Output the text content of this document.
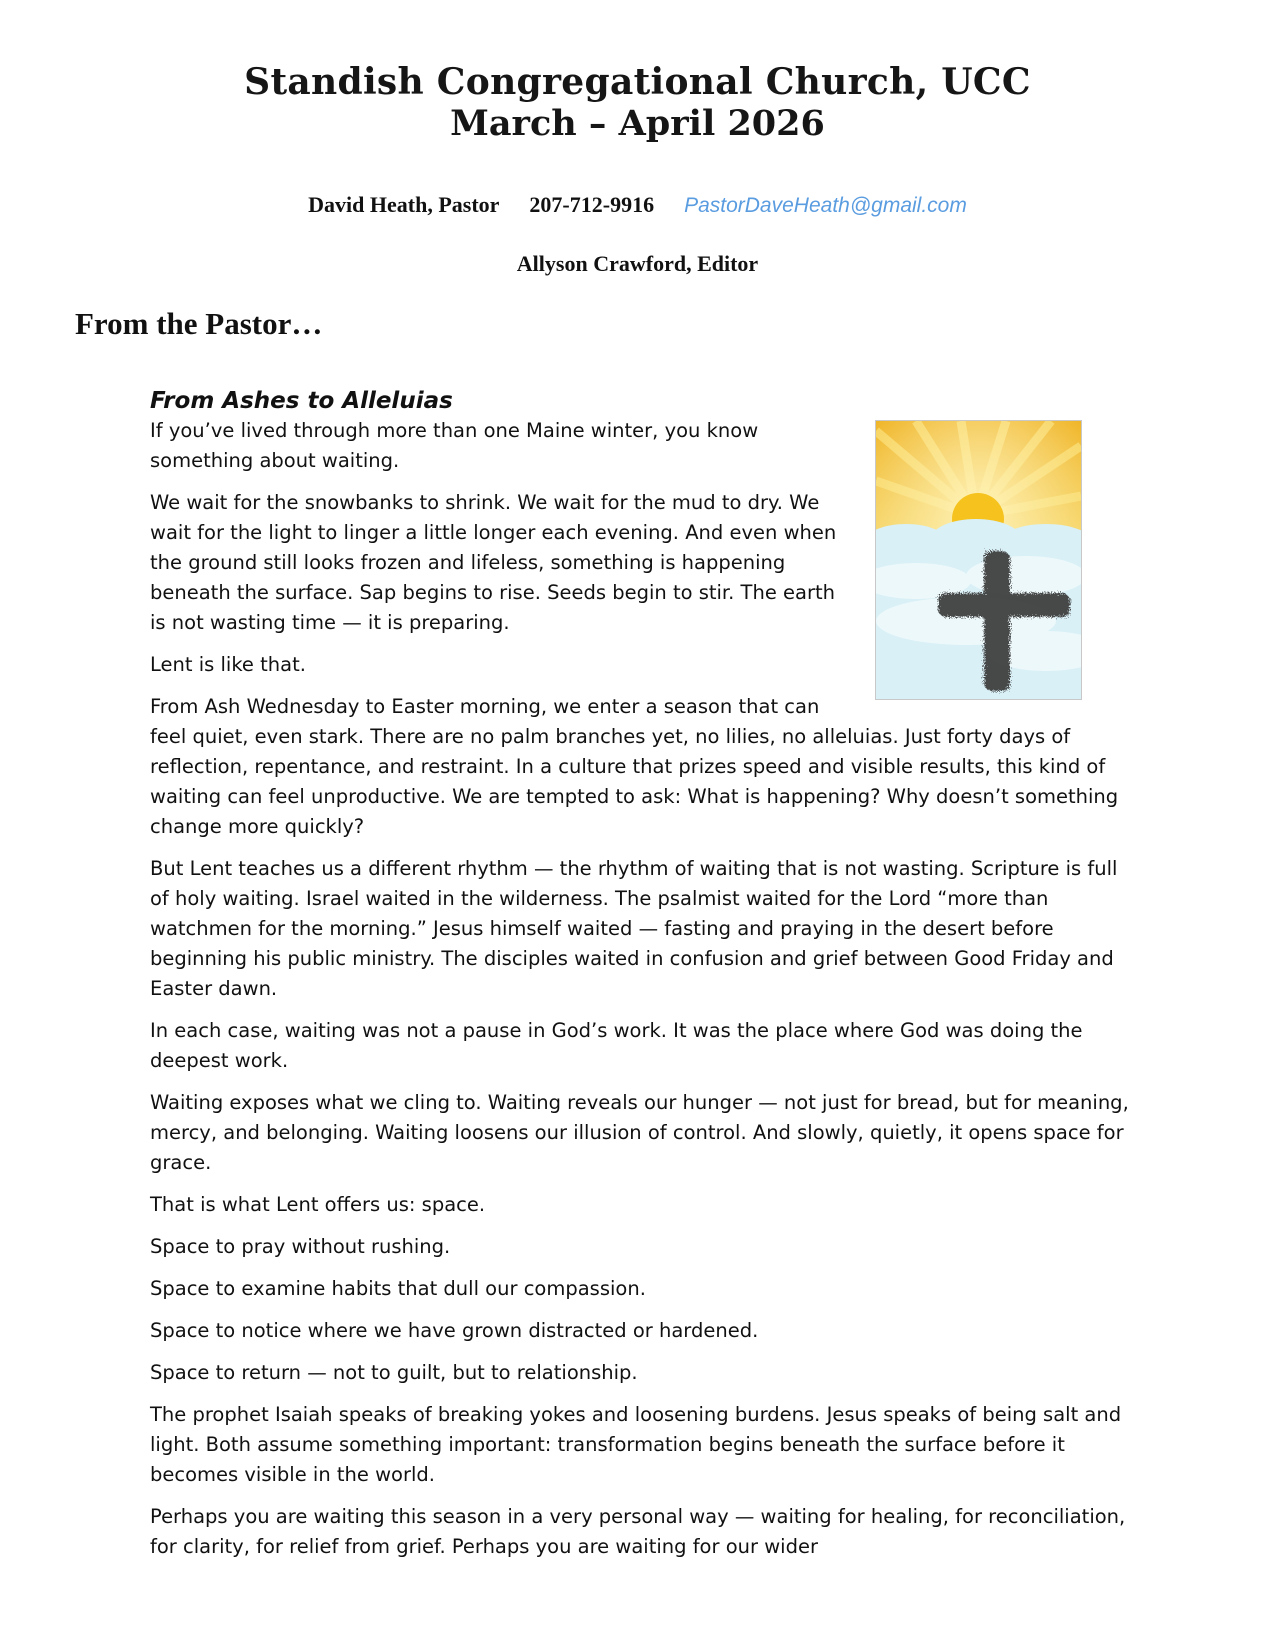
Standish Congregational Church, UCC
March – April 2026
David Heath, Pastor 207-712-9916 PastorDaveHeath@gmail.com
Allyson Crawford, Editor
From the Pastor…
From Ashes to Alleluias

If you’ve lived through more than one Maine winter, you know something about waiting.

We wait for the snowbanks to shrink. We wait for the mud to dry. We wait for the light to linger a little longer each evening. And even when the ground still looks frozen and lifeless, something is happening beneath the surface. Sap begins to rise. Seeds begin to stir. The earth is not wasting time — it is preparing.

Lent is like that.

From Ash Wednesday to Easter morning, we enter a season that can feel quiet, even stark. There are no palm branches yet, no lilies, no alleluias. Just forty days of reflection, repentance, and restraint. In a culture that prizes speed and visible results, this kind of waiting can feel unproductive. We are tempted to ask: What is happening? Why doesn’t something change more quickly?

But Lent teaches us a different rhythm — the rhythm of waiting that is not wasting. Scripture is full of holy waiting. Israel waited in the wilderness. The psalmist waited for the Lord “more than watchmen for the morning.” Jesus himself waited — fasting and praying in the desert before beginning his public ministry. The disciples waited in confusion and grief between Good Friday and Easter dawn.

In each case, waiting was not a pause in God’s work. It was the place where God was doing the deepest work.

Waiting exposes what we cling to. Waiting reveals our hunger — not just for bread, but for meaning, mercy, and belonging. Waiting loosens our illusion of control. And slowly, quietly, it opens space for grace.

That is what Lent offers us: space.

Space to pray without rushing.

Space to examine habits that dull our compassion.

Space to notice where we have grown distracted or hardened.

Space to return — not to guilt, but to relationship.

The prophet Isaiah speaks of breaking yokes and loosening burdens. Jesus speaks of being salt and light. Both assume something important: transformation begins beneath the surface before it becomes visible in the world.

Perhaps you are waiting this season in a very personal way — waiting for healing, for reconciliation, for clarity, for relief from grief. Perhaps you are waiting for our wider
